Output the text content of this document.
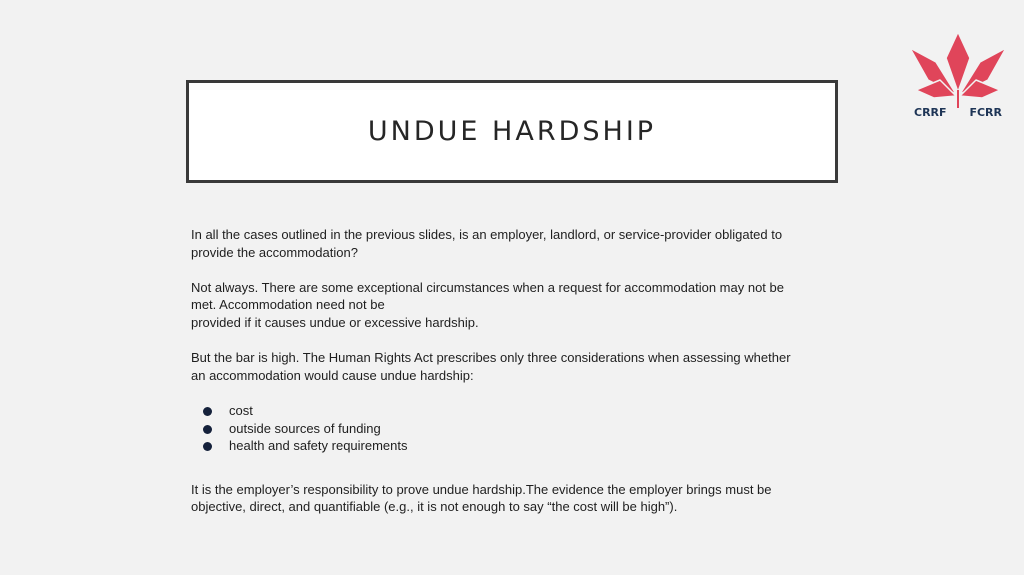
UNDUE HARDSHIP
CRRF FCRR

In all the cases outlined in the previous slides, is an employer, landlord, or service-provider obligated to
provide the accommodation?

Not always. There are some exceptional circumstances when a request for accommodation may not be
met. Accommodation need not be
provided if it causes undue or excessive hardship.

But the bar is high. The Human Rights Act prescribes only three considerations when assessing whether
an accommodation would cause undue hardship:

cost
outside sources of funding
health and safety requirements

It is the employer’s responsibility to prove undue hardship.The evidence the employer brings must be
objective, direct, and quantifiable (e.g., it is not enough to say “the cost will be high”).
